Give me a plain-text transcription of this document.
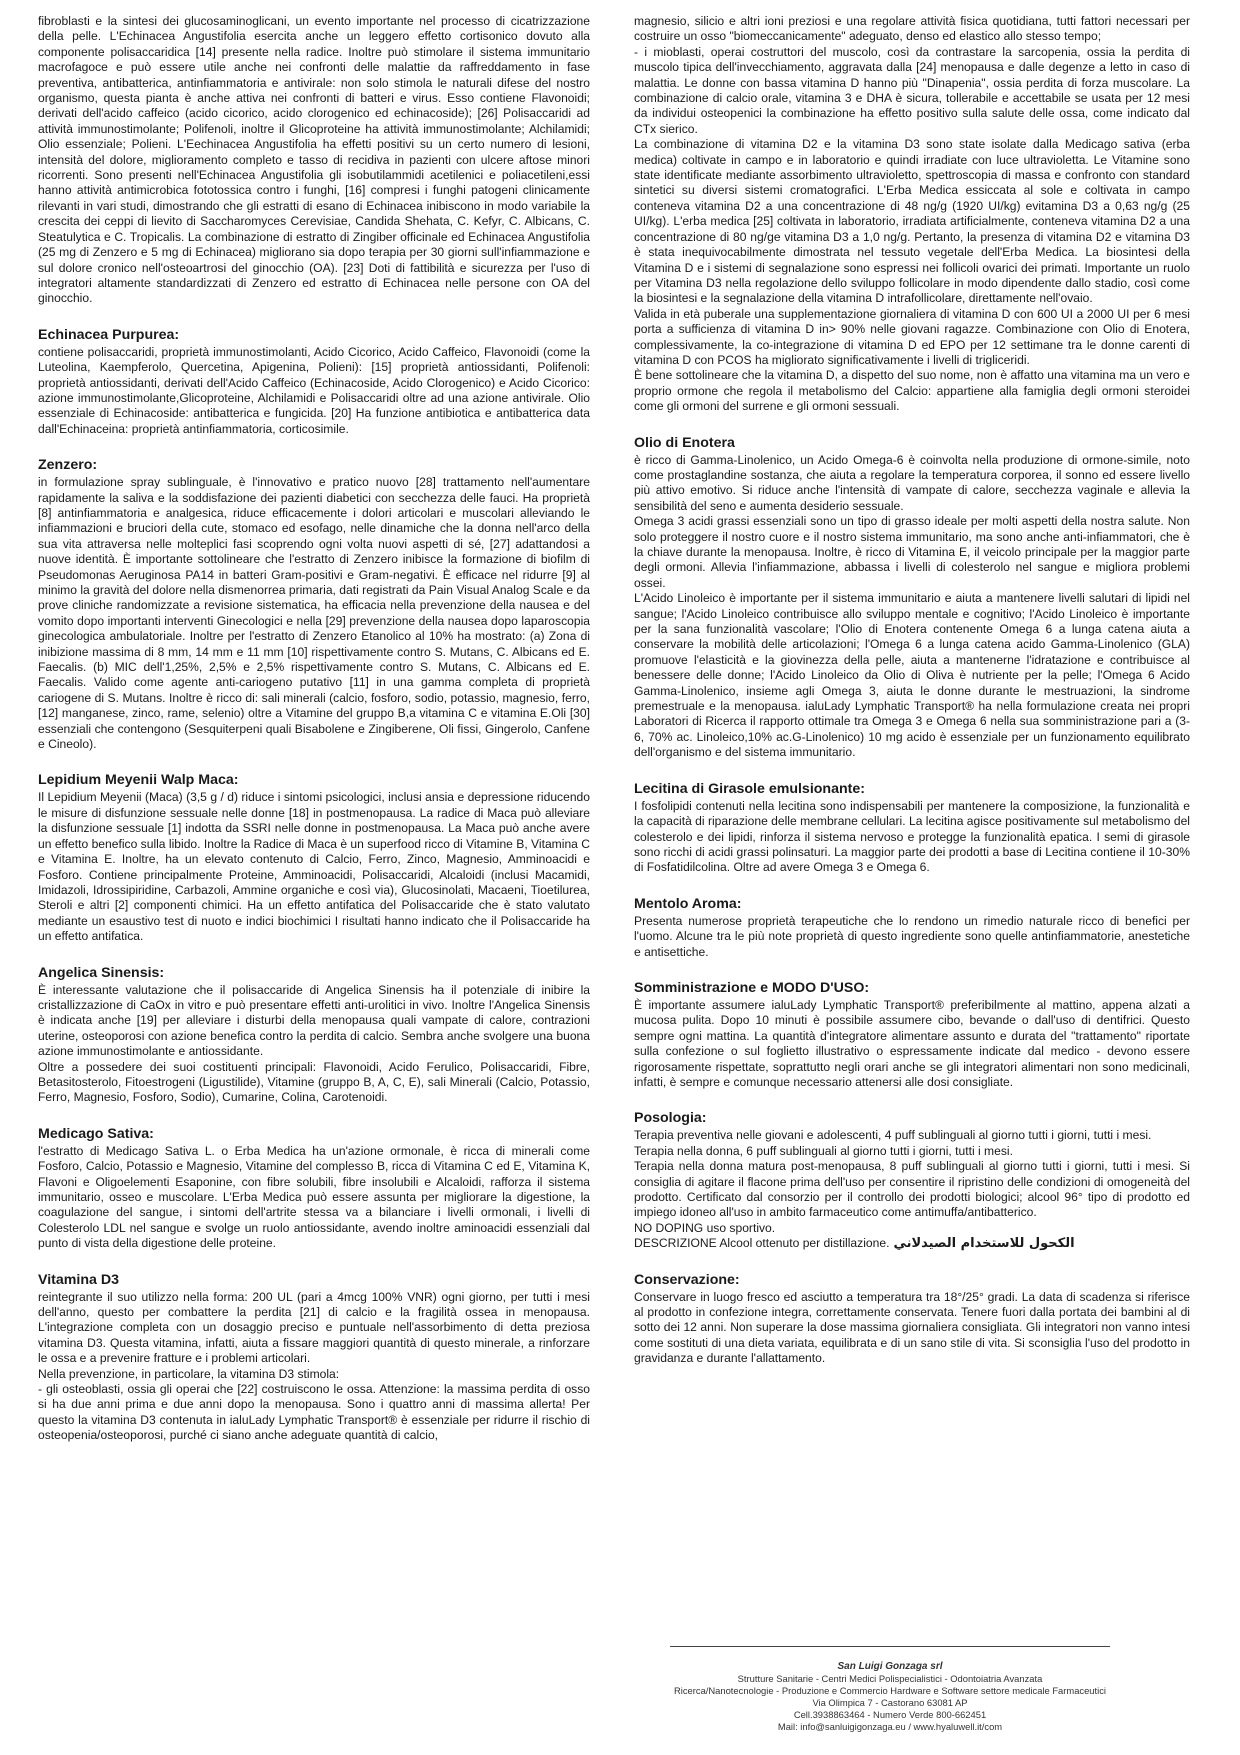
fibroblasti e la sintesi dei glucosaminoglicani, un evento importante nel processo di cicatrizzazione della pelle. L'Echinacea Angustifolia esercita anche un leggero effetto cortisonico dovuto alla componente polisaccaridica [14] presente nella radice. Inoltre può stimolare il sistema immunitario macrofagoce e può essere utile anche nei confronti delle malattie da raffreddamento in fase preventiva, antibatterica, antinfiammatoria e antivirale: non solo stimola le naturali difese del nostro organismo, questa pianta è anche attiva nei confronti di batteri e virus. Esso contiene Flavonoidi; derivati dell'acido caffeico (acido cicorico, acido clorogenico ed echinacoside); [26] Polisaccaridi ad attività immunostimolante; Polifenoli, inoltre il Glicoproteine ha attività immunostimolante; Alchilamidi; Olio essenziale; Polieni. L'Eechinacea Angustifolia ha effetti positivi su un certo numero di lesioni, intensità del dolore, miglioramento completo e tasso di recidiva in pazienti con ulcere aftose minori ricorrenti. Sono presenti nell'Echinacea Angustifolia gli isobutilammidi acetilenici e poliacetileni,essi hanno attività antimicrobica fototossica contro i funghi, [16] compresi i funghi patogeni clinicamente rilevanti in vari studi, dimostrando che gli estratti di esano di Echinacea inibiscono in modo variabile la crescita dei ceppi di lievito di Saccharomyces Cerevisiae, Candida Shehata, C. Kefyr, C. Albicans, C. Steatulytica e C. Tropicalis. La combinazione di estratto di Zingiber officinale ed Echinacea Angustifolia (25 mg di Zenzero e 5 mg di Echinacea) migliorano sia dopo terapia per 30 giorni sull'infiammazione e sul dolore cronico nell'osteoartrosi del ginocchio (OA). [23] Doti di fattibilità e sicurezza per l'uso di integratori altamente standardizzati di Zenzero ed estratto di Echinacea nelle persone con OA del ginocchio.

Echinacea Purpurea:

contiene polisaccaridi, proprietà immunostimolanti, Acido Cicorico, Acido Caffeico, Flavonoidi (come la Luteolina, Kaempferolo, Quercetina, Apigenina, Polieni): [15] proprietà antiossidanti, Polifenoli: proprietà antiossidanti, derivati dell'Acido Caffeico (Echinacoside, Acido Clorogenico) e Acido Cicorico: azione immunostimolante,Glicoproteine, Alchilamidi e Polisaccaridi oltre ad una azione antivirale. Olio essenziale di Echinacoside: antibatterica e fungicida. [20] Ha funzione antibiotica e antibatterica data dall'Echinaceina: proprietà antinfiammatoria, corticosimile.

Zenzero:

in formulazione spray sublinguale, è l'innovativo e pratico nuovo [28] trattamento nell'aumentare rapidamente la saliva e la soddisfazione dei pazienti diabetici con secchezza delle fauci. Ha proprietà [8] antinfiammatoria e analgesica, riduce efficacemente i dolori articolari e muscolari alleviando le infiammazioni e bruciori della cute, stomaco ed esofago, nelle dinamiche che la donna nell'arco della sua vita attraversa nelle molteplici fasi scoprendo ogni volta nuovi aspetti di sé, [27] adattandosi a nuove identità. È importante sottolineare che l'estratto di Zenzero inibisce la formazione di biofilm di Pseudomonas Aeruginosa PA14 in batteri Gram-positivi e Gram-negativi. È efficace nel ridurre [9] al minimo la gravità del dolore nella dismenorrea primaria, dati registrati da Pain Visual Analog Scale e da prove cliniche randomizzate a revisione sistematica, ha efficacia nella prevenzione della nausea e del vomito dopo importanti interventi Ginecologici e nella [29] prevenzione della nausea dopo laparoscopia ginecologica ambulatoriale. Inoltre per l'estratto di Zenzero Etanolico al 10% ha mostrato: (a) Zona di inibizione massima di 8 mm, 14 mm e 11 mm [10] rispettivamente contro S. Mutans, C. Albicans ed E. Faecalis. (b) MIC dell'1,25%, 2,5% e 2,5% rispettivamente contro S. Mutans, C. Albicans ed E. Faecalis. Valido come agente anti-cariogeno putativo [11] in una gamma completa di proprietà cariogene di S. Mutans. Inoltre è ricco di: sali minerali (calcio, fosforo, sodio, potassio, magnesio, ferro, [12] manganese, zinco, rame, selenio) oltre a Vitamine del gruppo B,a vitamina C e vitamina E.Oli [30] essenziali che contengono (Sesquiterpeni quali Bisabolene e Zingiberene, Oli fissi, Gingerolo, Canfene e Cineolo).

Lepidium Meyenii Walp Maca:

Il Lepidium Meyenii (Maca) (3,5 g / d) riduce i sintomi psicologici, inclusi ansia e depressione riducendo le misure di disfunzione sessuale nelle donne [18] in postmenopausa. La radice di Maca può alleviare la disfunzione sessuale [1] indotta da SSRI nelle donne in postmenopausa. La Maca può anche avere un effetto benefico sulla libido. Inoltre la Radice di Maca è un superfood ricco di Vitamine B, Vitamina C e Vitamina E. Inoltre, ha un elevato contenuto di Calcio, Ferro, Zinco, Magnesio, Amminoacidi e Fosforo. Contiene principalmente Proteine, Amminoacidi, Polisaccaridi, Alcaloidi (inclusi Macamidi, Imidazoli, Idrossipiridine, Carbazoli, Ammine organiche e così via), Glucosinolati, Macaeni, Tioetilurea, Steroli e altri [2] componenti chimici. Ha un effetto antifatica del Polisaccaride che è stato valutato mediante un esaustivo test di nuoto e indici biochimici I risultati hanno indicato che il Polisaccaride ha un effetto antifatica.

Angelica Sinensis:

È interessante valutazione che il polisaccaride di Angelica Sinensis ha il potenziale di inibire la cristallizzazione di CaOx in vitro e può presentare effetti anti-urolitici in vivo. Inoltre l'Angelica Sinensis è indicata anche [19] per alleviare i disturbi della menopausa quali vampate di calore, contrazioni uterine, osteoporosi con azione benefica contro la perdita di calcio. Sembra anche svolgere una buona azione immunostimolante e antiossidante.

Oltre a possedere dei suoi costituenti principali: Flavonoidi, Acido Ferulico, Polisaccaridi, Fibre, Betasitosterolo, Fitoestrogeni (Ligustilide), Vitamine (gruppo B, A, C, E), sali Minerali (Calcio, Potassio, Ferro, Magnesio, Fosforo, Sodio), Cumarine, Colina, Carotenoidi.

Medicago Sativa:

l'estratto di Medicago Sativa L. o Erba Medica ha un'azione ormonale, è ricca di minerali come Fosforo, Calcio, Potassio e Magnesio, Vitamine del complesso B, ricca di Vitamina C ed E, Vitamina K, Flavoni e Oligoelementi Esaponine, con fibre solubili, fibre insolubili e Alcaloidi, rafforza il sistema immunitario, osseo e muscolare. L'Erba Medica può essere assunta per migliorare la digestione, la coagulazione del sangue, i sintomi dell'artrite stessa va a bilanciare i livelli ormonali, i livelli di Colesterolo LDL nel sangue e svolge un ruolo antiossidante, avendo inoltre aminoacidi essenziali dal punto di vista della digestione delle proteine.

Vitamina D3

reintegrante il suo utilizzo nella forma: 200 UL (pari a 4mcg 100% VNR) ogni giorno, per tutti i mesi dell'anno, questo per combattere la perdita [21] di calcio e la fragilità ossea in menopausa. L'integrazione completa con un dosaggio preciso e puntuale nell'assorbimento di detta preziosa vitamina D3. Questa vitamina, infatti, aiuta a fissare maggiori quantità di questo minerale, a rinforzare le ossa e a prevenire fratture e i problemi articolari.

Nella prevenzione, in particolare, la vitamina D3 stimola:

- gli osteoblasti, ossia gli operai che [22] costruiscono le ossa. Attenzione: la massima perdita di osso si ha due anni prima e due anni dopo la menopausa. Sono i quattro anni di massima allerta! Per questo la vitamina D3 contenuta in ialuLady Lymphatic Transport® è essenziale per ridurre il rischio di osteopenia/osteoporosi, purché ci siano anche adeguate quantità di calcio,

magnesio, silicio e altri ioni preziosi e una regolare attività fisica quotidiana, tutti fattori necessari per costruire un osso "biomeccanicamente" adeguato, denso ed elastico allo stesso tempo;

- i mioblasti, operai costruttori del muscolo, così da contrastare la sarcopenia, ossia la perdita di muscolo tipica dell'invecchiamento, aggravata dalla [24] menopausa e dalle degenze a letto in caso di malattia. Le donne con bassa vitamina D hanno più "Dinapenia", ossia perdita di forza muscolare. La combinazione di calcio orale, vitamina 3 e DHA è sicura, tollerabile e accettabile se usata per 12 mesi da individui osteopenici la combinazione ha effetto positivo sulla salute delle ossa, come indicato dal CTx sierico.

La combinazione di vitamina D2 e la vitamina D3 sono state isolate dalla Medicago sativa (erba medica) coltivate in campo e in laboratorio e quindi irradiate con luce ultravioletta. Le Vitamine sono state identificate mediante assorbimento ultravioletto, spettroscopia di massa e confronto con standard sintetici su diversi sistemi cromatografici. L'Erba Medica essiccata al sole e coltivata in campo conteneva vitamina D2 a una concentrazione di 48 ng/g (1920 UI/kg) evitamina D3 a 0,63 ng/g (25 UI/kg). L'erba medica [25] coltivata in laboratorio, irradiata artificialmente, conteneva vitamina D2 a una concentrazione di 80 ng/ge vitamina D3 a 1,0 ng/g. Pertanto, la presenza di vitamina D2 e vitamina D3 è stata inequivocabilmente dimostrata nel tessuto vegetale dell'Erba Medica. La biosintesi della Vitamina D e i sistemi di segnalazione sono espressi nei follicoli ovarici dei primati. Importante un ruolo per Vitamina D3 nella regolazione dello sviluppo follicolare in modo dipendente dallo stadio, così come la biosintesi e la segnalazione della vitamina D intrafollicolare, direttamente nell'ovaio.

Valida in età puberale una supplementazione giornaliera di vitamina D con 600 UI a 2000 UI per 6 mesi porta a sufficienza di vitamina D in> 90% nelle giovani ragazze. Combinazione con Olio di Enotera, complessivamente, la co-integrazione di vitamina D ed EPO per 12 settimane tra le donne carenti di vitamina D con PCOS ha migliorato significativamente i livelli di trigliceridi.

È bene sottolineare che la vitamina D, a dispetto del suo nome, non è affatto una vitamina ma un vero e proprio ormone che regola il metabolismo del Calcio: appartiene alla famiglia degli ormoni steroidei come gli ormoni del surrene e gli ormoni sessuali.

Olio di Enotera

è ricco di Gamma-Linolenico, un Acido Omega-6 è coinvolta nella produzione di ormone-simile, noto come prostaglandine sostanza, che aiuta a regolare la temperatura corporea, il sonno ed essere livello più attivo emotivo. Si riduce anche l'intensità di vampate di calore, secchezza vaginale e allevia la sensibilità del seno e aumenta desiderio sessuale.

Omega 3 acidi grassi essenziali sono un tipo di grasso ideale per molti aspetti della nostra salute. Non solo proteggere il nostro cuore e il nostro sistema immunitario, ma sono anche anti-infiammatori, che è la chiave durante la menopausa. Inoltre, è ricco di Vitamina E, il veicolo principale per la maggior parte degli ormoni. Allevia l'infiammazione, abbassa i livelli di colesterolo nel sangue e migliora problemi ossei.

L'Acido Linoleico è importante per il sistema immunitario e aiuta a mantenere livelli salutari di lipidi nel sangue; l'Acido Linoleico contribuisce allo sviluppo mentale e cognitivo; l'Acido Linoleico è importante per la sana funzionalità vascolare; l'Olio di Enotera contenente Omega 6 a lunga catena aiuta a conservare la mobilità delle articolazioni; l'Omega 6 a lunga catena acido Gamma-Linolenico (GLA) promuove l'elasticità e la giovinezza della pelle, aiuta a mantenerne l'idratazione e contribuisce al benessere delle donne; l'Acido Linoleico da Olio di Oliva è nutriente per la pelle; l'Omega 6 Acido Gamma-Linolenico, insieme agli Omega 3, aiuta le donne durante le mestruazioni, la sindrome premestruale e la menopausa. ialuLady Lymphatic Transport® ha nella formulazione creata nei propri Laboratori di Ricerca il rapporto ottimale tra Omega 3 e Omega 6 nella sua somministrazione pari a (3-6, 70% ac. Linoleico,10% ac.G-Linolenico) 10 mg acido è essenziale per un funzionamento equilibrato dell'organismo e del sistema immunitario.

Lecitina di Girasole emulsionante:

I fosfolipidi contenuti nella lecitina sono indispensabili per mantenere la composizione, la funzionalità e la capacità di riparazione delle membrane cellulari. La lecitina agisce positivamente sul metabolismo del colesterolo e dei lipidi, rinforza il sistema nervoso e protegge la funzionalità epatica. I semi di girasole sono ricchi di acidi grassi polinsaturi. La maggior parte dei prodotti a base di Lecitina contiene il 10-30% di Fosfatidilcolina. Oltre ad avere Omega 3 e Omega 6.

Mentolo Aroma:

Presenta numerose proprietà terapeutiche che lo rendono un rimedio naturale ricco di benefici per l'uomo. Alcune tra le più note proprietà di questo ingrediente sono quelle antinfiammatorie, anestetiche e antisettiche.

Somministrazione e MODO D'USO:

È importante assumere ialuLady Lymphatic Transport® preferibilmente al mattino, appena alzati a mucosa pulita. Dopo 10 minuti è possibile assumere cibo, bevande o dall'uso di dentifrici. Questo sempre ogni mattina. La quantità d'integratore alimentare assunto e durata del "trattamento" riportate sulla confezione o sul foglietto illustrativo o espressamente indicate dal medico - devono essere rigorosamente rispettate, soprattutto negli orari anche se gli integratori alimentari non sono medicinali, infatti, è sempre e comunque necessario attenersi alle dosi consigliate.

Posologia:

Terapia preventiva nelle giovani e adolescenti, 4 puff sublinguali al giorno tutti i giorni, tutti i mesi.

Terapia nella donna, 6 puff sublinguali al giorno tutti i giorni, tutti i mesi.

Terapia nella donna matura post-menopausa, 8 puff sublinguali al giorno tutti i giorni, tutti i mesi. Si consiglia di agitare il flacone prima dell'uso per consentire il ripristino delle condizioni di omogeneità del prodotto. Certificato dal consorzio per il controllo dei prodotti biologici; alcool 96° tipo di prodotto ed impiego idoneo all'uso in ambito farmaceutico come antimuffa/antibatterico.

NO DOPING uso sportivo.

DESCRIZIONE Alcool ottenuto per distillazione. الكحول للاستخدام الصيدلاني

Conservazione:

Conservare in luogo fresco ed asciutto a temperatura tra 18°/25° gradi. La data di scadenza si riferisce al prodotto in confezione integra, correttamente conservata. Tenere fuori dalla portata dei bambini al di sotto dei 12 anni. Non superare la dose massima giornaliera consigliata. Gli integratori non vanno intesi come sostituti di una dieta variata, equilibrata e di un sano stile di vita. Si sconsiglia l'uso del prodotto in gravidanza e durante l'allattamento.

San Luigi Gonzaga srl
Strutture Sanitarie - Centri Medici Polispecialistici - Odontoiatria Avanzata
Ricerca/Nanotecnologie - Produzione e Commercio Hardware e Software settore medicale Farmaceutici
Via Olimpica 7 - Castorano 63081 AP
Cell.3938863464 - Numero Verde 800-662451
Mail: info@sanluigigonzaga.eu / www.hyaluwell.it/com
